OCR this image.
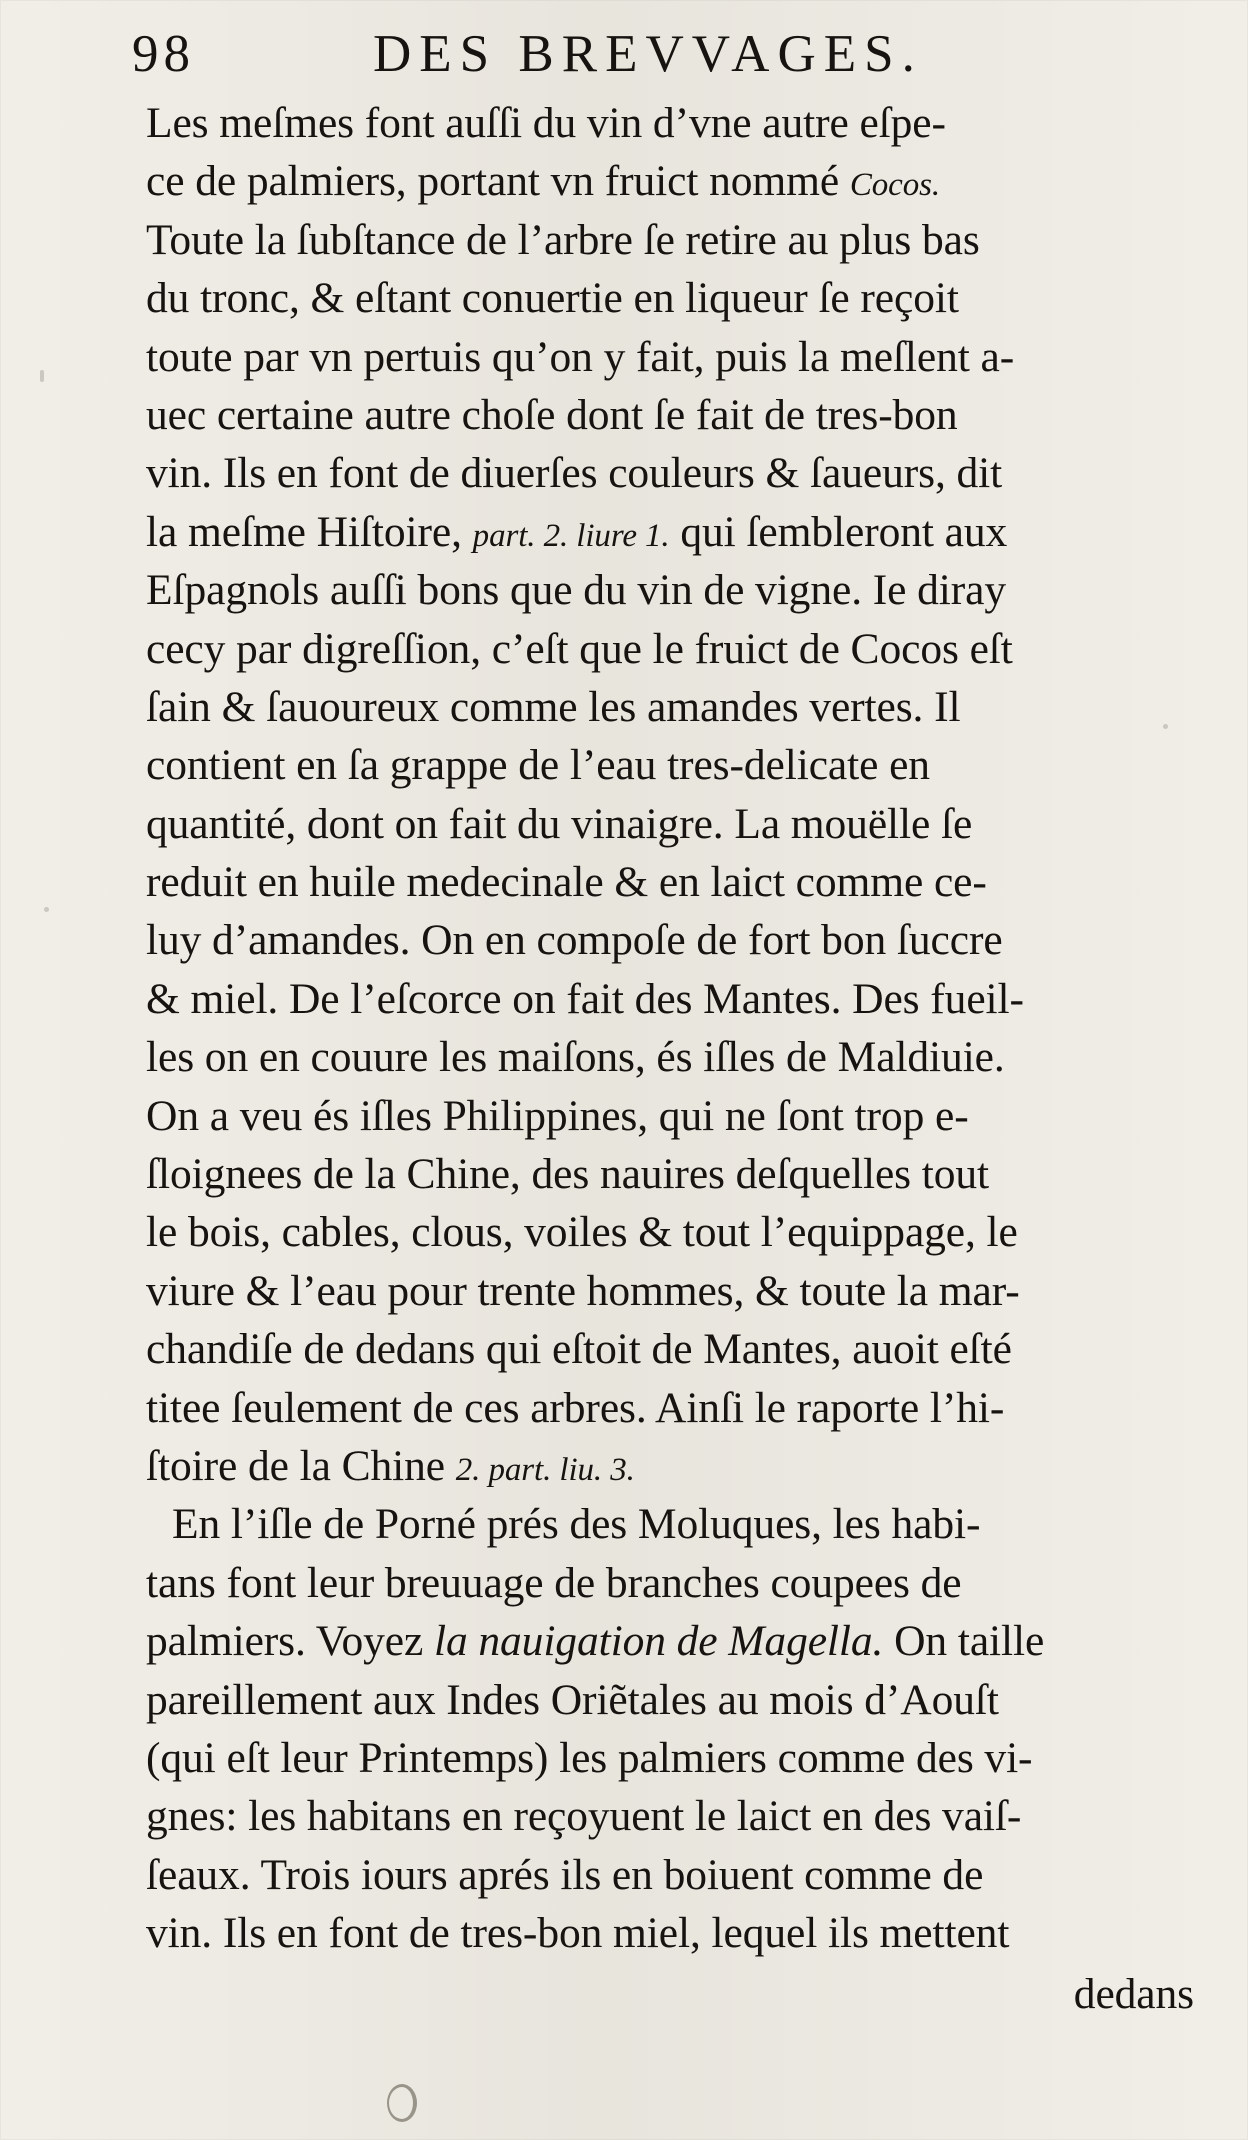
98	DES BREVVAGES.
Les meſmes font auſſi du vin d’vne autre eſpe-
ce de palmiers, portant vn fruict nommé Cocos.
Toute la ſubſtance de l’arbre ſe retire au plus bas
du tronc, & eſtant conuertie en liqueur ſe reçoit
toute par vn pertuis qu’on y fait, puis la meſlent a-
uec certaine autre choſe dont ſe fait de tres-bon
vin. Ils en font de diuerſes couleurs & ſaueurs, dit
la meſme Hiſtoire, part. 2. liure 1. qui ſembleront aux
Eſpagnols auſſi bons que du vin de vigne. Ie diray
cecy par digreſſion, c’eſt que le fruict de Cocos eſt
ſain & ſauoureux comme les amandes vertes. Il
contient en ſa grappe de l’eau tres-delicate en
quantité, dont on fait du vinaigre. La mouëlle ſe
reduit en huile medecinale & en laict comme ce-
luy d’amandes. On en compoſe de fort bon ſuccre
& miel. De l’eſcorce on fait des Mantes. Des fueil-
les on en couure les maiſons, és iſles de Maldiuie.
On a veu és iſles Philippines, qui ne ſont trop e-
ſloignees de la Chine, des nauires deſquelles tout
le bois, cables, clous, voiles & tout l’equippage, le
viure & l’eau pour trente hommes, & toute la mar-
chandiſe de dedans qui eſtoit de Mantes, auoit eſté
titee ſeulement de ces arbres. Ainſi le raporte l’hi-
ſtoire de la Chine 2. part. liu. 3.
En l’iſle de Porné prés des Moluques, les habi-
tans font leur breuuage de branches coupees de
palmiers. Voyez la nauigation de Magella. On taille
pareillement aux Indes Oriẽtales au mois d’Aouſt
(qui eſt leur Printemps) les palmiers comme des vi-
gnes: les habitans en reçoyuent le laict en des vaiſ-
ſeaux. Trois iours aprés ils en boiuent comme de
vin. Ils en font de tres-bon miel, lequel ils mettent
dedans
